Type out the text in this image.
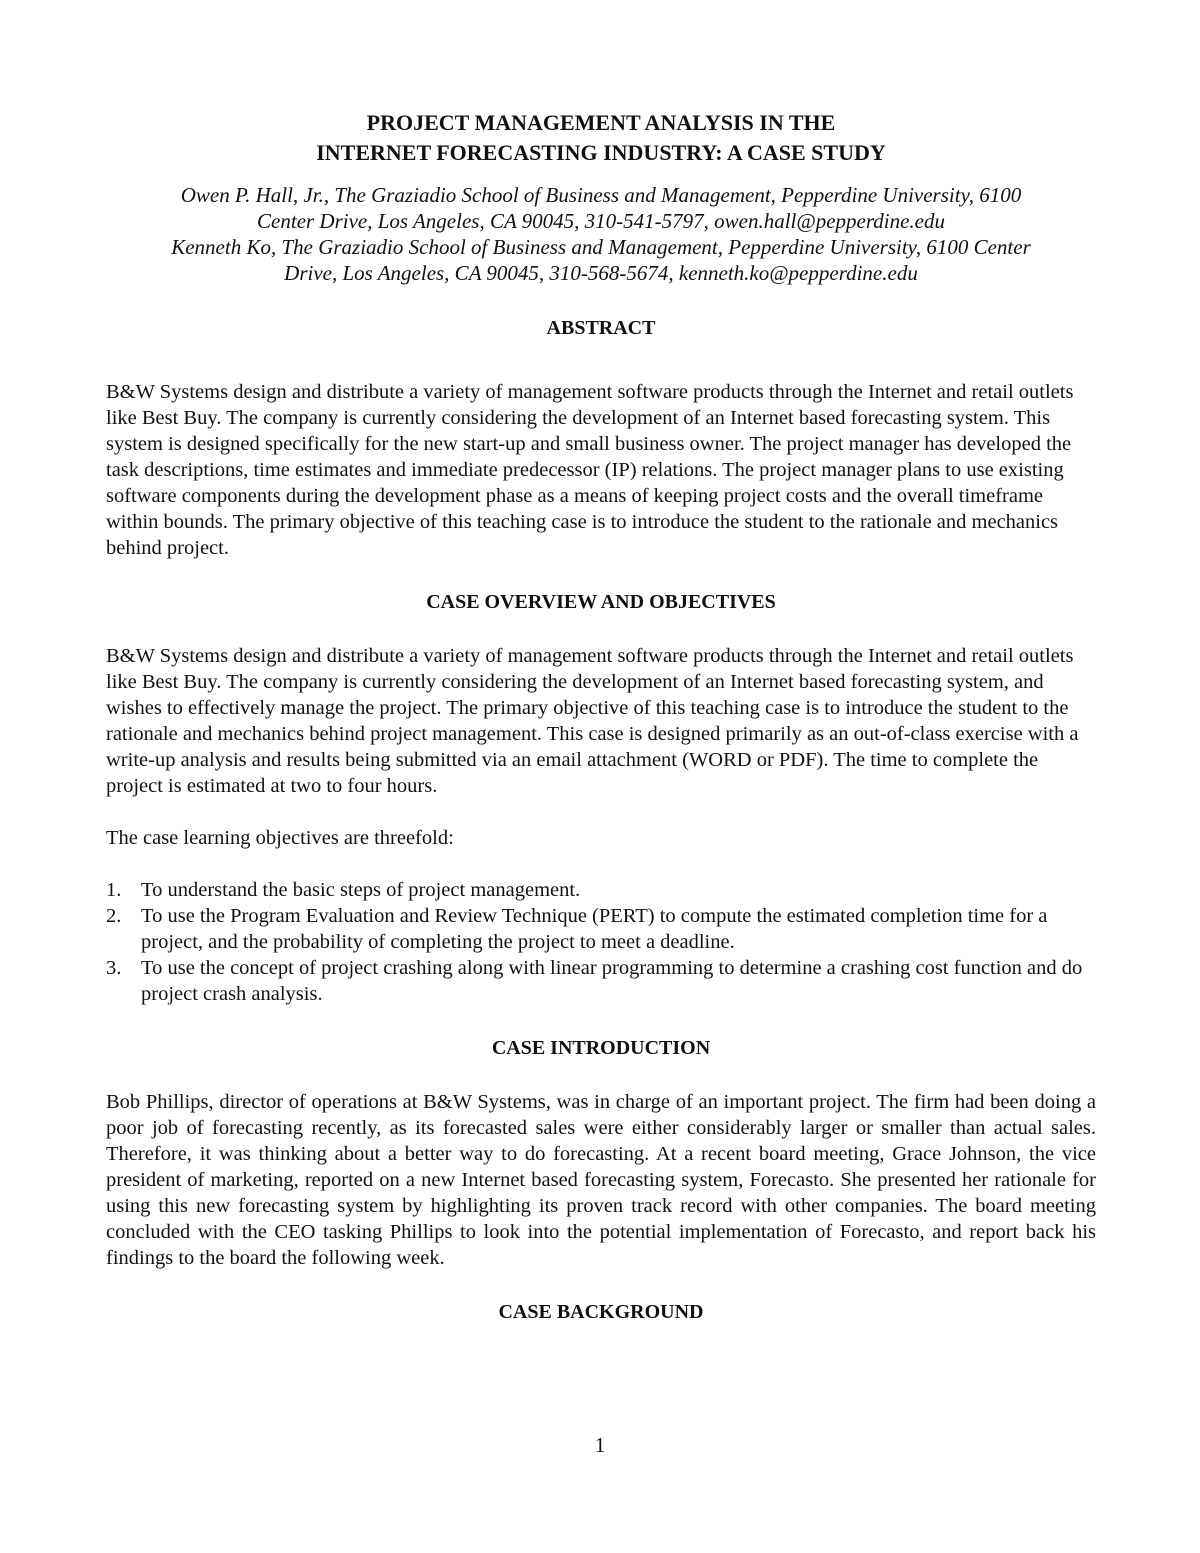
PROJECT MANAGEMENT ANALYSIS IN THE

INTERNET FORECASTING INDUSTRY: A CASE STUDY

Owen P. Hall, Jr., The Graziadio School of Business and Management, Pepperdine University, 6100
Center Drive, Los Angeles, CA 90045, 310-541-5797, owen.hall@pepperdine.edu
Kenneth Ko, The Graziadio School of Business and Management, Pepperdine University, 6100 Center
Drive, Los Angeles, CA 90045, 310-568-5674, kenneth.ko@pepperdine.edu
ABSTRACT

B&W Systems design and distribute a variety of management software products through the Internet and retail outlets like Best Buy. The company is currently considering the development of an Internet based forecasting system. This system is designed specifically for the new start-up and small business owner. The project manager has developed the task descriptions, time estimates and immediate predecessor (IP) relations. The project manager plans to use existing software components during the development phase as a means of keeping project costs and the overall timeframe within bounds. The primary objective of this teaching case is to introduce the student to the rationale and mechanics behind project.

CASE OVERVIEW AND OBJECTIVES

B&W Systems design and distribute a variety of management software products through the Internet and retail outlets like Best Buy. The company is currently considering the development of an Internet based forecasting system, and wishes to effectively manage the project. The primary objective of this teaching case is to introduce the student to the rationale and mechanics behind project management. This case is designed primarily as an out-of-class exercise with a write-up analysis and results being submitted via an email attachment (WORD or PDF). The time to complete the project is estimated at two to four hours.

The case learning objectives are threefold:

1. To understand the basic steps of project management.
2. To use the Program Evaluation and Review Technique (PERT) to compute the estimated completion time for a project, and the probability of completing the project to meet a deadline.
3. To use the concept of project crashing along with linear programming to determine a crashing cost function and do project crash analysis.
CASE INTRODUCTION

Bob Phillips, director of operations at B&W Systems, was in charge of an important project. The firm had been doing a poor job of forecasting recently, as its forecasted sales were either considerably larger or smaller than actual sales. Therefore, it was thinking about a better way to do forecasting. At a recent board meeting, Grace Johnson, the vice president of marketing, reported on a new Internet based forecasting system, Forecasto. She presented her rationale for using this new forecasting system by highlighting its proven track record with other companies. The board meeting concluded with the CEO tasking Phillips to look into the potential implementation of Forecasto, and report back his findings to the board the following week.

CASE BACKGROUND
1
